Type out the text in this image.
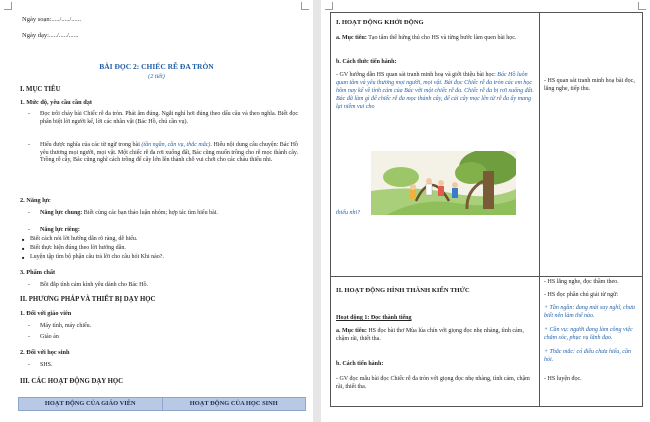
Ngày soạn:...../...../......
Ngày dạy:...../...../......
BÀI ĐỌC 2: CHIẾC RỄ ĐA TRÒN
(2 tiết)
I. MỤC TIÊU
1. Mức độ, yêu cầu cần đạt
- Đọc trôi chảy bài Chiếc rễ đa tròn. Phát âm đúng. Ngắt nghỉ hơi đúng theo dấu câu và theo nghĩa. Biết đọc phân biệt lời người kể, lời các nhân vật (Bác Hồ, chú cần vụ).
- Hiểu được nghĩa của các từ ngữ trong bài (tần ngần, cần vụ, thắc mắc). Hiểu nội dung câu chuyện: Bác Hồ yêu thương mọi người, mọi vật. Một chiếc rễ đa rơi xuống đất, Bác cũng muốn trồng cho rễ mọc thành cây. Trồng rễ cây, Bác cũng nghĩ cách trồng để cây lớn lên thành chỗ vui chơi cho các cháu thiếu nhi.
2. Năng lực
- Năng lực chung: Biết cùng các bạn thảo luận nhóm; hợp tác tìm hiểu bài.
- Năng lực riêng:
■ Biết cách nói lời hướng dẫn rõ ràng, dễ hiểu.
■ Biết thực hiện đúng theo lời hướng dẫn.
■ Luyện tập tìm bộ phận câu trả lời cho câu hỏi Khi nào?.
3. Phẩm chất
- Bồi đắp tình cảm kính yêu dành cho Bác Hồ.
II. PHƯƠNG PHÁP VÀ THIẾT BỊ DẠY HỌC
1. Đối với giáo viên
- Máy tính, máy chiếu.
- Giáo án
2. Đối với học sinh
- SHS.
III. CÁC HOẠT ĐỘNG DẠY HỌC
HOẠT ĐỘNG CỦA GIÁO VIÊN	HOẠT ĐỘNG CỦA HỌC SINH
I. HOẠT ĐỘNG KHỞI ĐỘNG
a. Mục tiêu: Tạo tâm thế hứng thú cho HS và từng bước làm quen bài học.
b. Cách thức tiến hành:
- GV hướng dẫn HS quan sát tranh minh hoạ và giới thiệu bài học: Bác Hồ luôn quan tâm và yêu thương mọi người, mọi vật. Bài đọc Chiếc rễ đa tròn các em học hôm nay kể về tình cảm của Bác với một chiếc rễ đa. Chiếc rễ đa bị rơi xuống đất. Bác đã làm gì để chiếc rễ đa mọc thành cây, để cái cây mọc lên từ rễ đa ấy mang lại niềm vui cho
thiếu nhi?
- HS quan sát tranh minh hoạ bài đọc, lắng nghe, tiếp thu.
II. HOẠT ĐỘNG HÌNH THÀNH KIẾN THỨC
Hoạt động 1: Đọc thành tiếng
a. Mục tiêu: HS đọc bài thơ Mùa lúa chín với giọng đọc nhẹ nhàng, tình cảm, chậm rãi, thiết tha.
b. Cách tiến hành:
- GV đọc mẫu bài đọc Chiếc rễ đa tròn với giọng đọc nhẹ nhàng, tình cảm, chậm rãi, thiết tha.
- HS lắng nghe, đọc thầm theo.
- HS đọc phần chú giải từ ngữ:
+ Tần ngần: đang mải suy nghĩ, chưa biết nên làm thế nào.
+ Cần vụ: người đang làm công việc chăm sóc, phục vụ lãnh đạo.
+ Thắc mắc: có điều chưa hiểu, cần hỏi.
- HS luyện đọc.
